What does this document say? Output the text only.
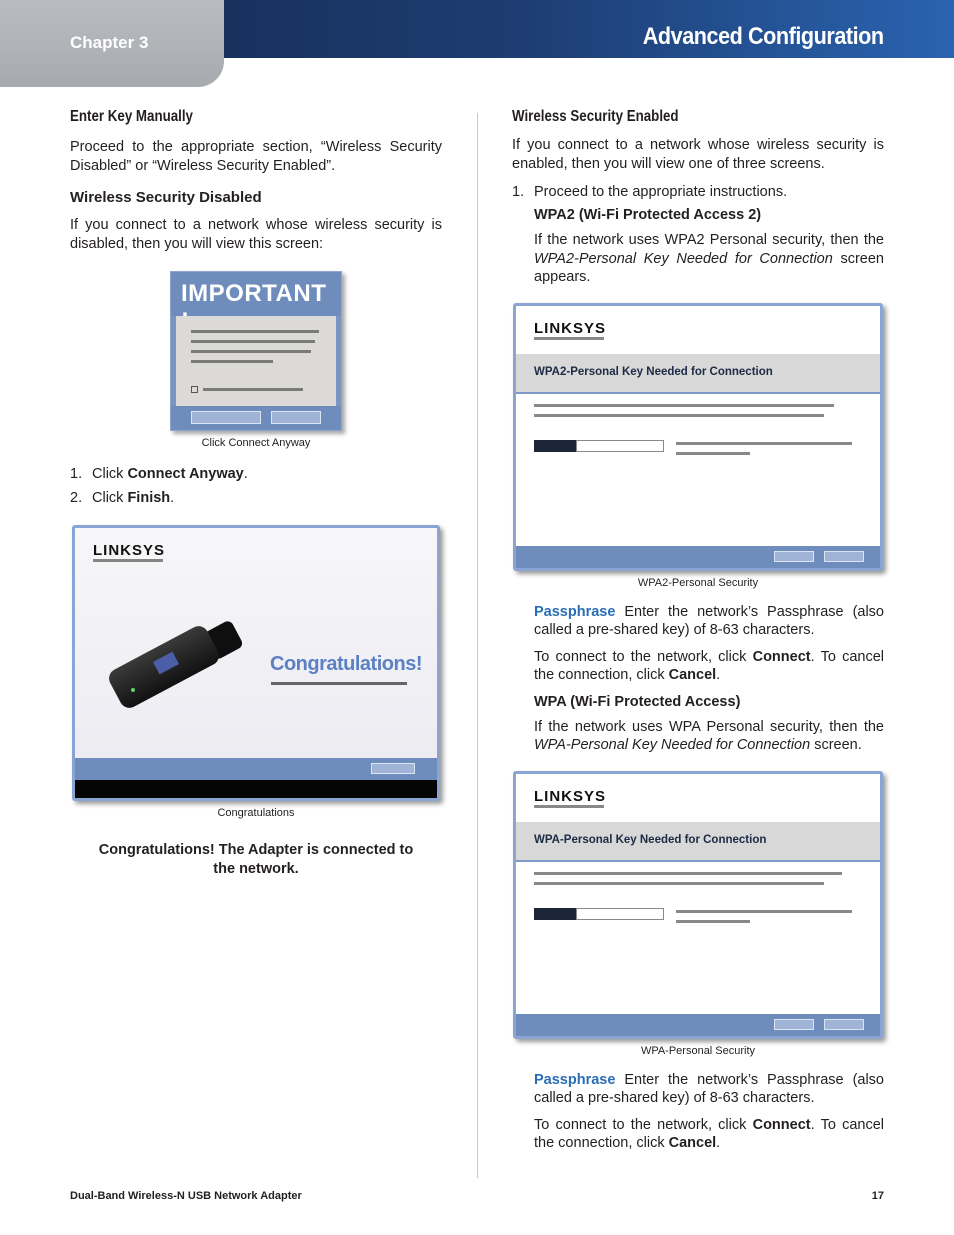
Chapter 3	Advanced Configuration
Enter Key Manually

Proceed to the appropriate section, “Wireless Security Disabled” or “Wireless Security Enabled”.

Wireless Security Disabled

If you connect to a network whose wireless security is disabled, then you will view this screen:

IMPORTANT
Click Connect Anyway
1. Click Connect Anyway.
2. Click Finish.
LINKSYS
Congratulations!
Congratulations
Congratulations! The Adapter is connected to the network.
Wireless Security Enabled

If you connect to a network whose wireless security is enabled, then you will view one of three screens.

1. Proceed to the appropriate instructions.
WPA2 (Wi-Fi Protected Access 2)

If the network uses WPA2 Personal security, then the WPA2-Personal Key Needed for Connection screen appears.

LINKSYS
WPA2-Personal Key Needed for Connection
WPA2-Personal Security

Passphrase Enter the network’s Passphrase (also called a pre-shared key) of 8-63 characters.

To connect to the network, click Connect. To cancel the connection, click Cancel.

WPA (Wi-Fi Protected Access)

If the network uses WPA Personal security, then the WPA-Personal Key Needed for Connection screen.

LINKSYS
WPA-Personal Key Needed for Connection
WPA-Personal Security

Passphrase Enter the network’s Passphrase (also called a pre-shared key) of 8-63 characters.

To connect to the network, click Connect. To cancel the connection, click Cancel.

Dual-Band Wireless-N USB Network Adapter	17
